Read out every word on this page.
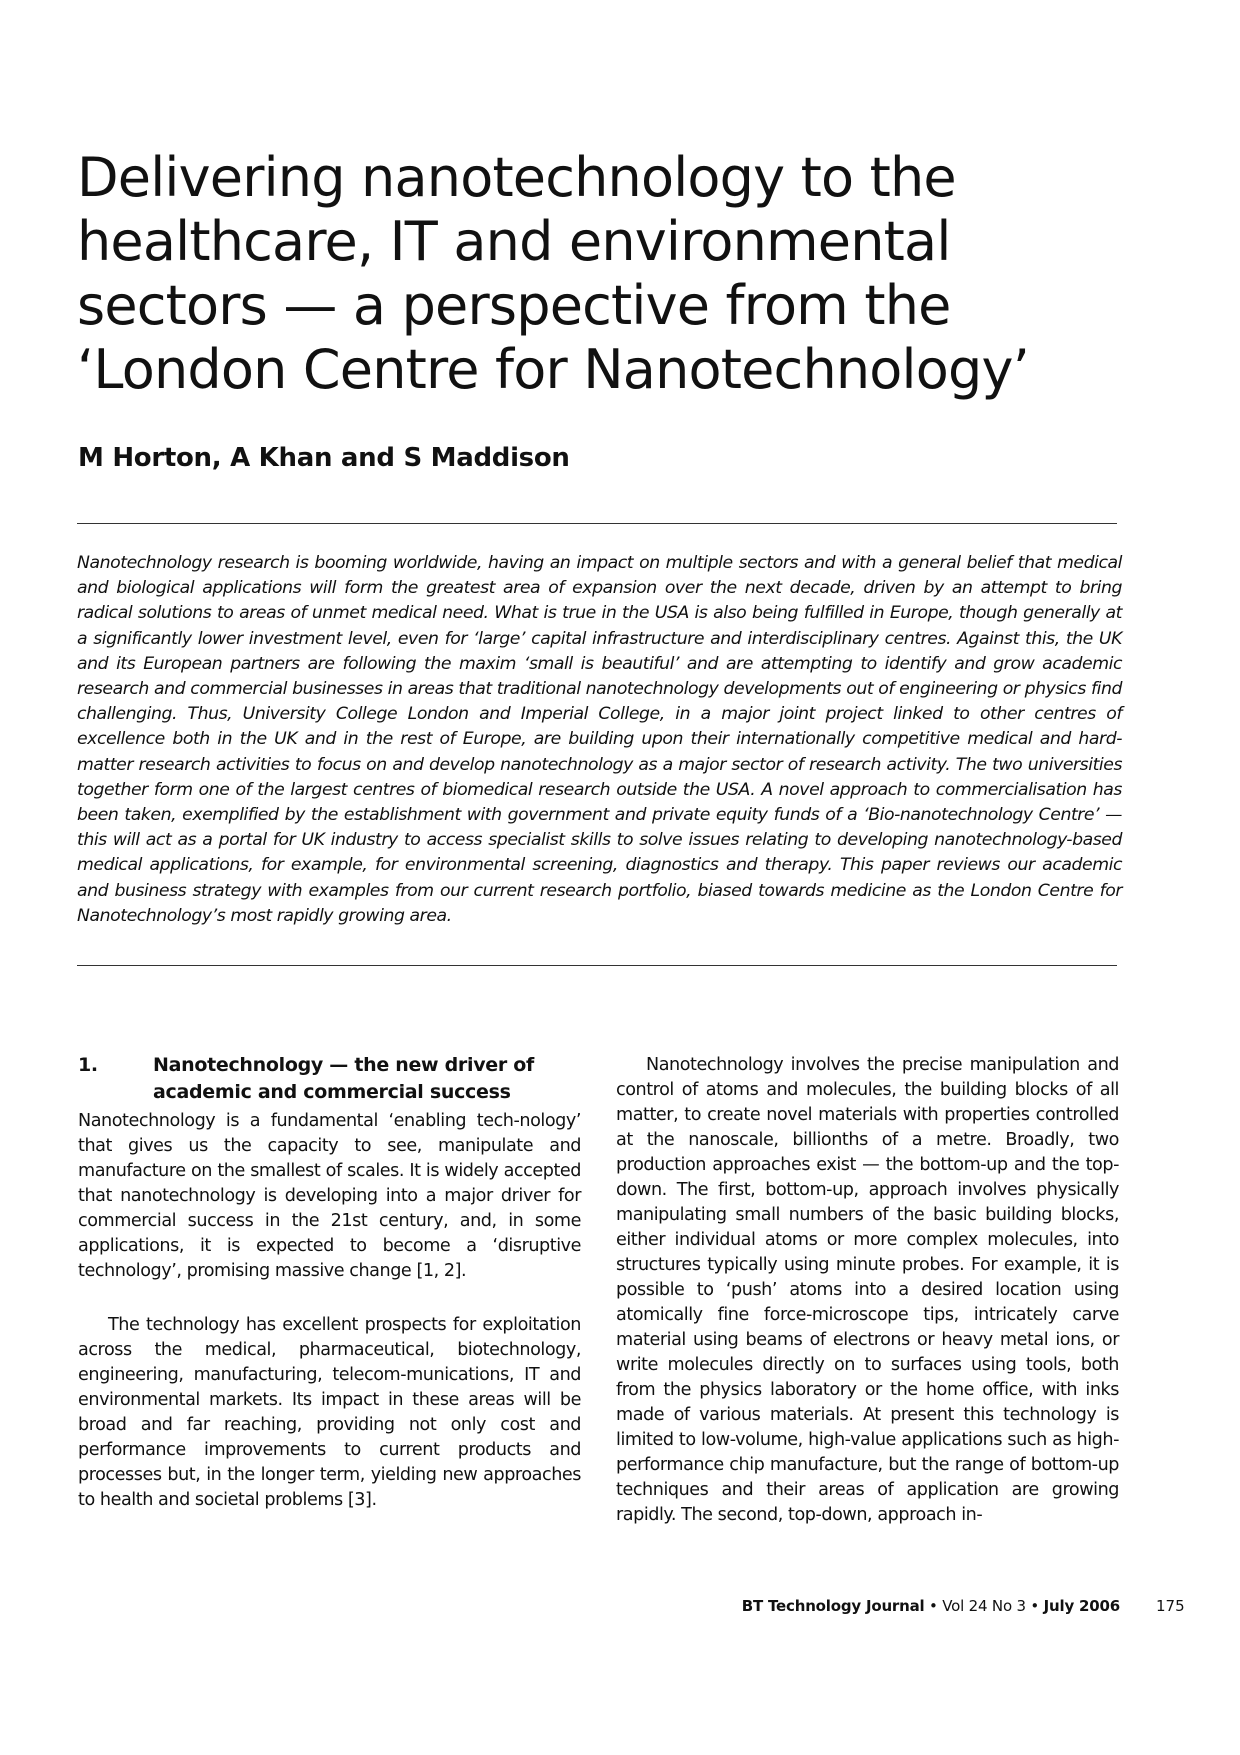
Delivering nanotechnology to the healthcare, IT and environmental sectors — a perspective from the ‘London Centre for Nanotechnology’
M Horton, A Khan and S Maddison
Nanotechnology research is booming worldwide, having an impact on multiple sectors and with a general belief that medical and biological applications will form the greatest area of expansion over the next decade, driven by an attempt to bring radical solutions to areas of unmet medical need. What is true in the USA is also being fulfilled in Europe, though generally at a significantly lower investment level, even for ‘large’ capital infrastructure and interdisciplinary centres. Against this, the UK and its European partners are following the maxim ‘small is beautiful’ and are attempting to identify and grow academic research and commercial businesses in areas that traditional nanotechnology developments out of engineering or physics find challenging. Thus, University College London and Imperial College, in a major joint project linked to other centres of excellence both in the UK and in the rest of Europe, are building upon their internationally competitive medical and hard-matter research activities to focus on and develop nanotechnology as a major sector of research activity. The two universities together form one of the largest centres of biomedical research outside the USA. A novel approach to commercialisation has been taken, exemplified by the establishment with government and private equity funds of a ‘Bio-nanotechnology Centre’ — this will act as a portal for UK industry to access specialist skills to solve issues relating to developing nanotechnology-based medical applications, for example, for environmental screening, diagnostics and therapy. This paper reviews our academic and business strategy with examples from our current research portfolio, biased towards medicine as the London Centre for Nanotechnology’s most rapidly growing area.
1.	Nanotechnology — the new driver of academic and commercial success

Nanotechnology is a fundamental ‘enabling tech-nology’ that gives us the capacity to see, manipulate and manufacture on the smallest of scales. It is widely accepted that nanotechnology is developing into a major driver for commercial success in the 21st century, and, in some applications, it is expected to become a ‘disruptive technology’, promising massive change [1, 2].

The technology has excellent prospects for exploitation across the medical, pharmaceutical, biotechnology, engineering, manufacturing, telecom-munications, IT and environmental markets. Its impact in these areas will be broad and far reaching, providing not only cost and performance improvements to current products and processes but, in the longer term, yielding new approaches to health and societal problems [3].

Nanotechnology involves the precise manipulation and control of atoms and molecules, the building blocks of all matter, to create novel materials with properties controlled at the nanoscale, billionths of a metre. Broadly, two production approaches exist — the bottom-up and the top-down. The first, bottom-up, approach involves physically manipulating small numbers of the basic building blocks, either individual atoms or more complex molecules, into structures typically using minute probes. For example, it is possible to ‘push’ atoms into a desired location using atomically fine force-microscope tips, intricately carve material using beams of electrons or heavy metal ions, or write molecules directly on to surfaces using tools, both from the physics laboratory or the home office, with inks made of various materials. At present this technology is limited to low-volume, high-value applications such as high-performance chip manufacture, but the range of bottom-up techniques and their areas of application are growing rapidly. The second, top-down, approach in-

BT Technology Journal • Vol 24 No 3 • July 2006 175
